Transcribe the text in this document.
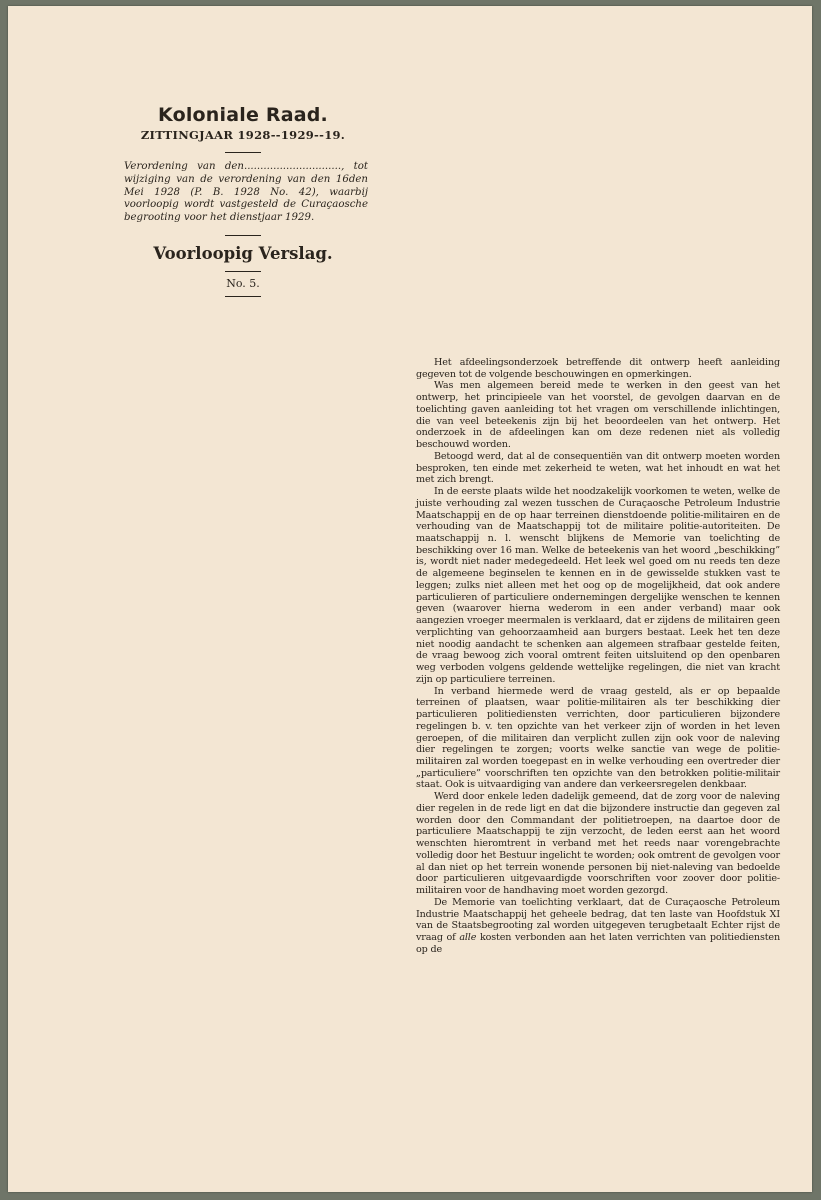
Koloniale Raad.
ZITTINGJAAR 1928--1929--19.

Verordening van den.............................., tot wijziging van de verordening van den 16den Mei 1928 (P. B. 1928 No. 42), waarbij voorloopig wordt vastgesteld de Curaçaosche begrooting voor het dienstjaar 1929.

Voorloopig Verslag.
No. 5.

Het afdeelingsonderzoek betreffende dit ontwerp heeft aanleiding gegeven tot de volgende beschouwingen en opmerkingen.

Was men algemeen bereid mede te werken in den geest van het ontwerp, het principieele van het voorstel, de gevolgen daarvan en de toelichting gaven aanleiding tot het vragen om verschillende inlichtingen, die van veel beteekenis zijn bij het beoordeelen van het ontwerp. Het onderzoek in de afdeelingen kan om deze redenen niet als volledig beschouwd worden.

Betoogd werd, dat al de consequentiën van dit ontwerp moeten worden besproken, ten einde met zekerheid te weten, wat het inhoudt en wat het met zich brengt.

In de eerste plaats wilde het noodzakelijk voorkomen te weten, welke de juiste verhouding zal wezen tusschen de Curaçaosche Petroleum Industrie Maatschappij en de op haar terreinen dienstdoende politie-militairen en de verhouding van de Maatschappij tot de militaire politie-autoriteiten. De maatschappij n. l. wenscht blijkens de Memorie van toelichting de beschikking over 16 man. Welke de beteekenis van het woord „beschikking” is, wordt niet nader medegedeeld. Het leek wel goed om nu reeds ten deze de algemeene beginselen te kennen en in de gewisselde stukken vast te leggen; zulks niet alleen met het oog op de mogelijkheid, dat ook andere particulieren of particuliere ondernemingen dergelijke wenschen te kennen geven (waarover hierna wederom in een ander verband) maar ook aangezien vroeger meermalen is verklaard, dat er zijdens de militairen geen verplichting van gehoorzaamheid aan burgers bestaat. Leek het ten deze niet noodig aandacht te schenken aan algemeen strafbaar gestelde feiten, de vraag bewoog zich vooral omtrent feiten uitsluitend op den openbaren weg verboden volgens geldende wettelijke regelingen, die niet van kracht zijn op particuliere terreinen.

In verband hiermede werd de vraag gesteld, als er op bepaalde terreinen of plaatsen, waar politie-militairen als ter beschikking dier particulieren politiediensten verrichten, door particulieren bijzondere regelingen b. v. ten opzichte van het verkeer zijn of worden in het leven geroepen, of die militairen dan verplicht zullen zijn ook voor de naleving dier regelingen te zorgen; voorts welke sanctie van wege de politie-militairen zal worden toegepast en in welke verhouding een overtreder dier „particuliere” voorschriften ten opzichte van den betrokken politie-militair staat. Ook is uitvaardiging van andere dan verkeersregelen denkbaar.

Werd door enkele leden dadelijk gemeend, dat de zorg voor de naleving dier regelen in de rede ligt en dat die bijzondere instructie dan gegeven zal worden door den Commandant der politietroepen, na daartoe door de particuliere Maatschappij te zijn verzocht, de leden eerst aan het woord wenschten hieromtrent in verband met het reeds naar vorengebrachte volledig door het Bestuur ingelicht te worden; ook omtrent de gevolgen voor al dan niet op het terrein wonende personen bij niet-naleving van bedoelde door particulieren uitgevaardigde voorschriften voor zoover door politie-militairen voor de handhaving moet worden gezorgd.

De Memorie van toelichting verklaart, dat de Curaçaosche Petroleum Industrie Maatschappij het geheele bedrag, dat ten laste van Hoofdstuk XI van de Staatsbegrooting zal worden uitgegeven terugbetaalt Echter rijst de vraag of alle kosten verbonden aan het laten verrichten van politiediensten op de
